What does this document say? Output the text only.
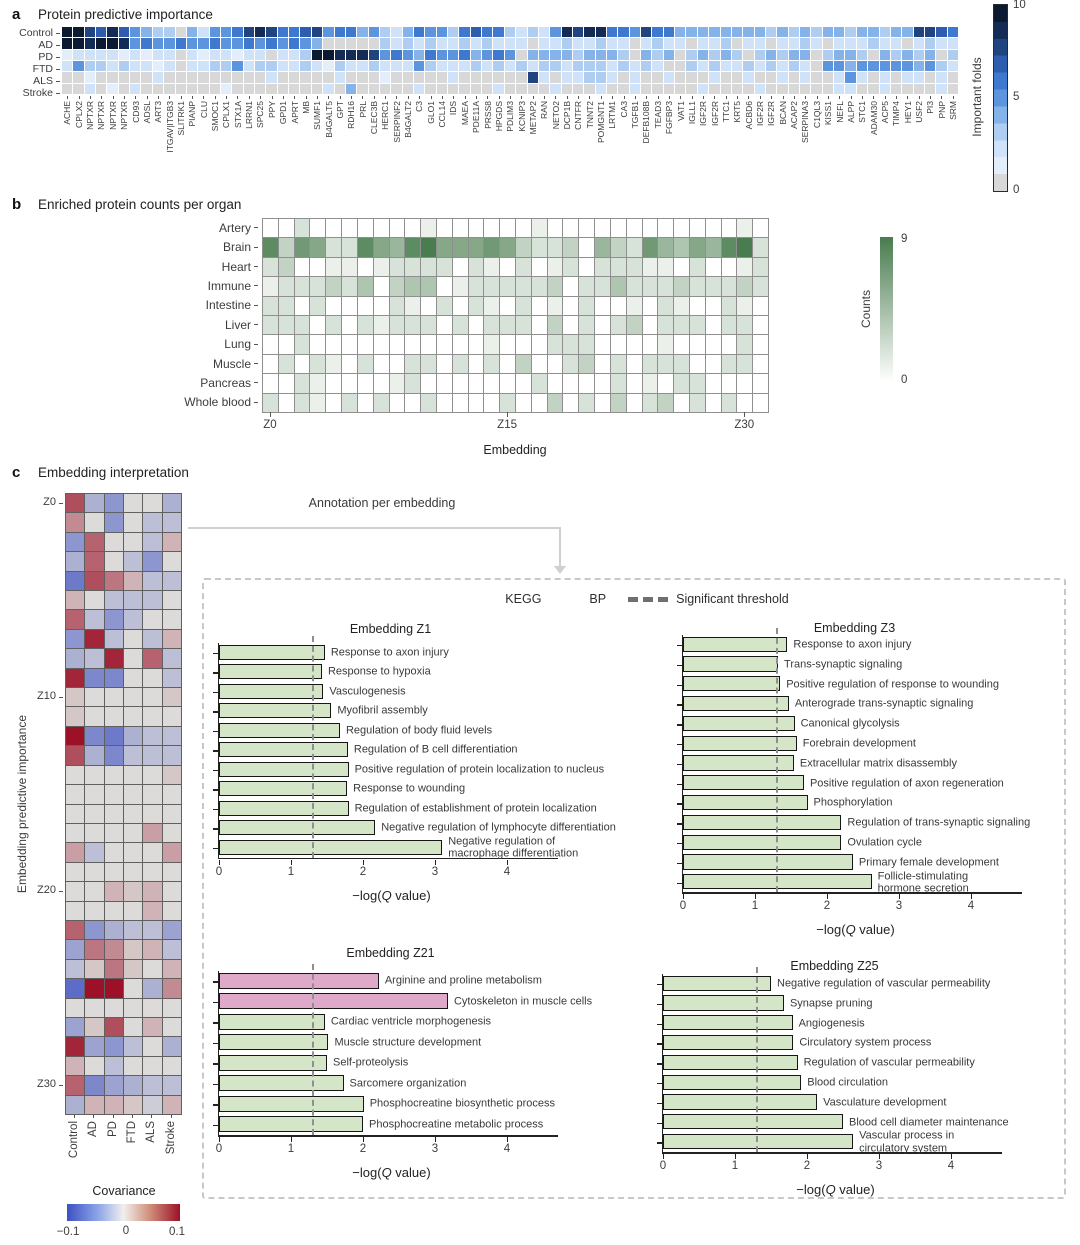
a Protein predictive importance
Control
AD
PD
FTD
ALS
Stroke
ACHE CPLX2 NPTXR NPTXR NPTXR NPTXR CD93 ADSL ART3 ITGAV|ITGB3 SLITRK1 PIANP CLU SMOC1 CPLX1 STX1A LRRN1 SPC25 PPY GPD1 APRT MB SUMF1 B4GALT5 GPT RDH16 PRL CLEC3B HERC1 SERPINF2 B4GALT2 C3 GLO1 CCL14 IDS MAEA PDE11A PRSS8 HPGDS PDLIM3 KCNIP3 METAP2 RAN NETO2 DCP1B CNTFR TNNT2 POMGNT1 LRTM1 CA3 TGFB1 DEFB108B TEAD3 FGFBP3 VAT1 IGLL1 IGF2R IGF2R TTC1 KRT5 ACBD6 IGF2R IGF2R BCAN ACAP2 SERPINA3 C1QL3 KISS1 NEFL ALPP STC1 ADAM30 ACP5 TIMP4 HEY1 USF2 PI3 PNP SRM
10
5
0
Important folds
b Enriched protein counts per organ
Artery
Brain
Heart
Immune
Intestine
Liver
Lung
Muscle
Pancreas
Whole blood
Z0	Z15	Z30
Embedding
9
0
Counts
c Embedding interpretation
Control AD PD FTD ALS Stroke
Embedding predictive importance
Covariance
−0.1	0	0.1
Annotation per embedding
KEGG	BP	Significant threshold
Embedding Z1
Response to axon injury
Response to hypoxia
Vasculogenesis
Myofibril assembly
Regulation of body fluid levels
Regulation of B cell differentiation
Positive regulation of protein localization to nucleus
Response to wounding
Regulation of establishment of protein localization
Negative regulation of lymphocyte differentiation
Negative regulation of
macrophage differentiation
0	1	2	3	4
−log(Q value)
Embedding Z3
Response to axon injury
Trans-synaptic signaling
Positive regulation of response to wounding
Anterograde trans-synaptic signaling
Canonical glycolysis
Forebrain development
Extracellular matrix disassembly
Positive regulation of axon regeneration
Phosphorylation
Regulation of trans-synaptic signaling
Ovulation cycle
Primary female development
Follicle-stimulating
hormone secretion
0	1	2	3	4
−log(Q value)
Embedding Z21
Arginine and proline metabolism
Cytoskeleton in muscle cells
Cardiac ventricle morphogenesis
Muscle structure development
Self-proteolysis
Sarcomere organization
Phosphocreatine biosynthetic process
Phosphocreatine metabolic process
0	1	2	3	4
−log(Q value)
Embedding Z25
Negative regulation of vascular permeability
Synapse pruning
Angiogenesis
Circulatory system process
Regulation of vascular permeability
Blood circulation
Vasculature development
Blood cell diameter maintenance
Vascular process in
circulatory system
0	1	2	3	4
−log(Q value)
Z0
Z10
Z20
Z30
